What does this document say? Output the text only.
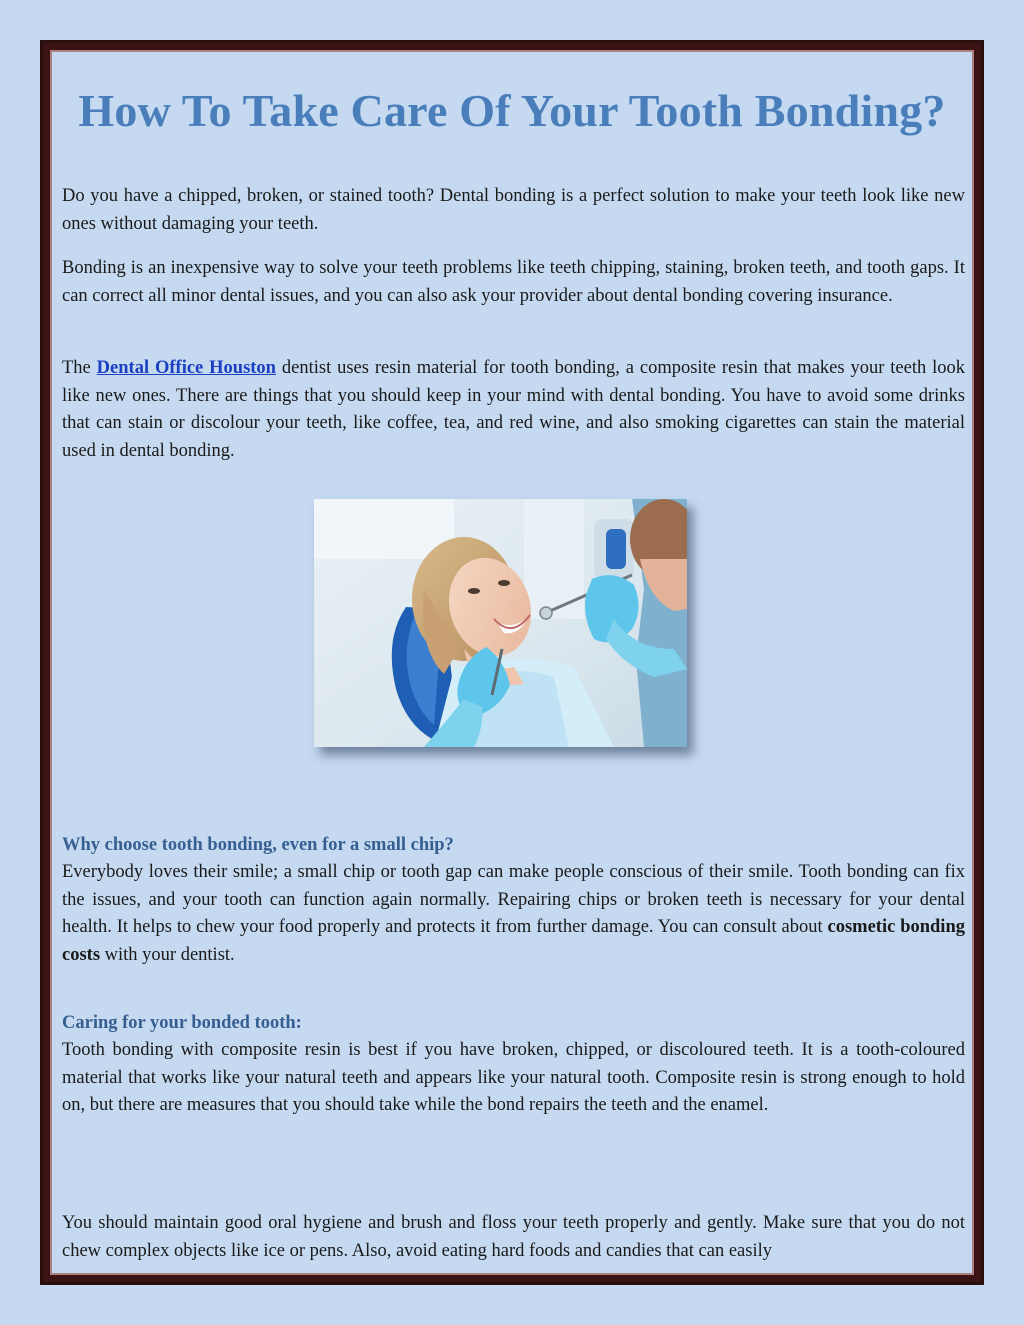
How To Take Care Of Your Tooth Bonding?

Do you have a chipped, broken, or stained tooth? Dental bonding is a perfect solution to make your teeth look like new ones without damaging your teeth.

Bonding is an inexpensive way to solve your teeth problems like teeth chipping, staining, broken teeth, and tooth gaps. It can correct all minor dental issues, and you can also ask your provider about dental bonding covering insurance.

The Dental Office Houston dentist uses resin material for tooth bonding, a composite resin that makes your teeth look like new ones. There are things that you should keep in your mind with dental bonding. You have to avoid some drinks that can stain or discolour your teeth, like coffee, tea, and red wine, and also smoking cigarettes can stain the material used in dental bonding.

Why choose tooth bonding, even for a small chip?

Everybody loves their smile; a small chip or tooth gap can make people conscious of their smile. Tooth bonding can fix the issues, and your tooth can function again normally. Repairing chips or broken teeth is necessary for your dental health. It helps to chew your food properly and protects it from further damage. You can consult about cosmetic bonding costs with your dentist.

Caring for your bonded tooth:

Tooth bonding with composite resin is best if you have broken, chipped, or discoloured teeth. It is a tooth-coloured material that works like your natural teeth and appears like your natural tooth. Composite resin is strong enough to hold on, but there are measures that you should take while the bond repairs the teeth and the enamel.

You should maintain good oral hygiene and brush and floss your teeth properly and gently. Make sure that you do not chew complex objects like ice or pens. Also, avoid eating hard foods and candies that can easily
